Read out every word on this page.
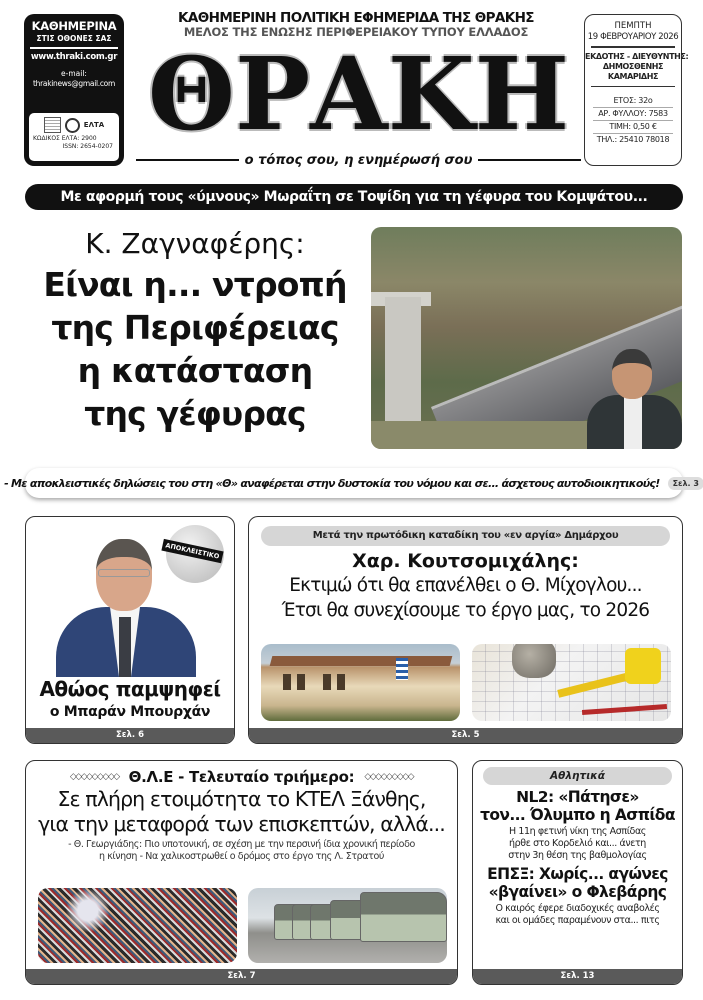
ΚΑΘΗΜΕΡΙΝΑ
ΣΤΙΣ ΟΘΟΝΕΣ ΣΑΣ
www.thraki.com.gr
e-mail:
thrakinews@gmail.com
ΕΛΤΑ
ΚΩΔΙΚΟΣ ΕΛΤΑ: 2900
ISSN: 2654-0207
ΚΑΘΗΜΕΡΙΝΗ ΠΟΛΙΤΙΚΗ ΕΦΗΜΕΡΙΔΑ ΤΗΣ ΘΡΑΚΗΣ
ΜΕΛΟΣ ΤΗΣ ΕΝΩΣΗΣ ΠΕΡΙΦΕΡΕΙΑΚΟΥ ΤΥΠΟΥ ΕΛΛΑΔΟΣ
ΘΡΑΚΗ
ο τόπος σου, η ενημέρωσή σου
ΠΕΜΠΤΗ
19 ΦΕΒΡΟΥΑΡΙΟΥ 2026
ΕΚΔΟΤΗΣ - ΔΙΕΥΘΥΝΤΗΣ:
ΔΗΜΟΣΘΕΝΗΣ
ΚΑΜΑΡΙΔΗΣ
ΕΤΟΣ: 32ο
ΑΡ. ΦΥΛΛΟΥ: 7583
ΤΙΜΗ: 0,50 €
ΤΗΛ.: 25410 78018
Με αφορμή τους «ύμνους» Μωραΐτη σε Τοψίδη για τη γέφυρα του Κομψάτου...
Κ. Ζαγναφέρης:
Είναι η... ντροπή
της Περιφέρειας
η κατάσταση
της γέφυρας
- Με αποκλειστικές δηλώσεις του στη «Θ» αναφέρεται στην δυστοκία του νόμου και σε... άσχετους αυτοδιοικητικούς!	Σελ. 3
ΑΠΟΚΛΕΙΣΤΙΚΟ
Αθώος παμψηφεί
ο Μπαράν Μπουρχάν
Σελ. 6
Μετά την πρωτόδικη καταδίκη του «εν αργία» Δημάρχου
Χαρ. Κουτσομιχάλης:
Εκτιμώ ότι θα επανέλθει ο Θ. Μίχογλου...
Έτσι θα συνεχίσουμε το έργο μας, το 2026
Σελ. 5
◇◇◇◇◇◇◇◇◇ Θ.Λ.Ε - Τελευταίο τριήμερο: ◇◇◇◇◇◇◇◇◇
Σε πλήρη ετοιμότητα το ΚΤΕΛ Ξάνθης,
για την μεταφορά των επισκεπτών, αλλά...
- Θ. Γεωργιάδης: Πιο υποτονική, σε σχέση με την περσινή ίδια χρονική περίοδο
η κίνηση - Να χαλικοστρωθεί ο δρόμος στο έργο της Λ. Στρατού
Σελ. 7
Αθλητικά
NL2: «Πάτησε»
τον... Όλυμπο η Ασπίδα
Η 11η φετινή νίκη της Ασπίδας
ήρθε στο Κορδελιό και... άνετη
στην 3η θέση της βαθμολογίας
ΕΠΣΞ: Χωρίς... αγώνες
«βγαίνει» ο Φλεβάρης
Ο καιρός έφερε διαδοχικές αναβολές
και οι ομάδες παραμένουν στα... πιτς
Σελ. 13
